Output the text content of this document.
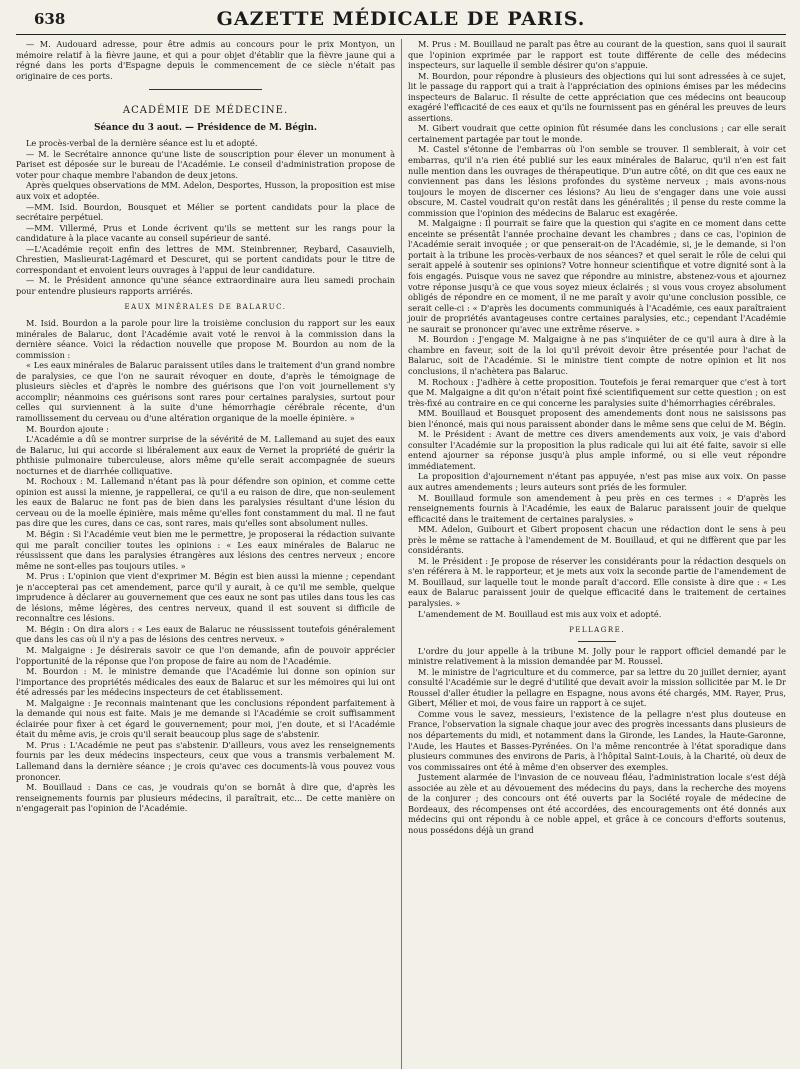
638	GAZETTE MÉDICALE DE PARIS.

— M. Audouard adresse, pour être admis au concours pour le prix Montyon, un mémoire relatif à la fièvre jaune, et qui a pour objet d'établir que la fièvre jaune qui a régné dans les ports d'Espagne depuis le commencement de ce siècle n'était pas originaire de ces ports.

ACADÉMIE DE MÉDECINE.
Séance du 3 aout. — Présidence de M. Bégin.

Le procès-verbal de la dernière séance est lu et adopté.

— M. le Secrétaire annonce qu'une liste de souscription pour élever un monument à Pariset est déposée sur le bureau de l'Académie. Le conseil d'administration propose de voter pour chaque membre l'abandon de deux jetons.

Après quelques observations de MM. Adelon, Desportes, Husson, la proposition est mise aux voix et adoptée.

—MM. Isid. Bourdon, Bousquet et Mélier se portent candidats pour la place de secrétaire perpétuel.

—MM. Villermé, Prus et Londe écrivent qu'ils se mettent sur les rangs pour la candidature à la place vacante au conseil supérieur de santé.

—L'Académie reçoit enfin des lettres de MM. Steinbrenner, Reybard, Casauvielh, Chrestien, Maslieurat-Lagémard et Descuret, qui se portent candidats pour le titre de correspondant et envoient leurs ouvrages à l'appui de leur candidature.

— M. le Président annonce qu'une séance extraordinaire aura lieu samedi prochain pour entendre plusieurs rapports arriérés.

EAUX MINÉRALES DE BALARUC.

M. Isid. Bourdon a la parole pour lire la troisième conclusion du rapport sur les eaux minérales de Balaruc, dont l'Académie avait voté le renvoi à la commission dans la dernière séance. Voici la rédaction nouvelle que propose M. Bourdon au nom de la commission :

« Les eaux minérales de Balaruc paraissent utiles dans le traitement d'un grand nombre de paralysies, ce que l'on ne saurait révoquer en doute, d'après le témoignage de plusieurs siècles et d'après le nombre des guérisons que l'on voit journellement s'y accomplir; néanmoins ces guérisons sont rares pour certaines paralysies, surtout pour celles qui surviennent à la suite d'une hémorrhagie cérébrale récente, d'un ramollissement du cerveau ou d'une altération organique de la moelle épinière. »

M. Bourdon ajoute :

L'Académie a dû se montrer surprise de la sévérité de M. Lallemand au sujet des eaux de Balaruc, lui qui accorde si libéralement aux eaux de Vernet la propriété de guérir la phthisie pulmonaire tuberculeuse, alors même qu'elle serait accompagnée de sueurs nocturnes et de diarrhée colliquative.

M. Rochoux : M. Lallemand n'étant pas là pour défendre son opinion, et comme cette opinion est aussi la mienne, je rappellerai, ce qu'il a eu raison de dire, que non-seulement les eaux de Balaruc ne font pas de bien dans les paralysies résultant d'une lésion du cerveau ou de la moelle épinière, mais même qu'elles font constamment du mal. Il ne faut pas dire que les cures, dans ce cas, sont rares, mais qu'elles sont absolument nulles.

M. Bégin : Si l'Académie veut bien me le permettre, je proposerai la rédaction suivante qui me paraît concilier toutes les opinions : « Les eaux minérales de Balaruc ne réussissent que dans les paralysies étrangères aux lésions des centres nerveux ; encore même ne sont-elles pas toujours utiles. »

M. Prus : L'opinion que vient d'exprimer M. Bégin est bien aussi la mienne ; cependant je n'accepterai pas cet amendement, parce qu'il y aurait, à ce qu'il me semble, quelque imprudence à déclarer au gouvernement que ces eaux ne sont pas utiles dans tous les cas de lésions, même légères, des centres nerveux, quand il est souvent si difficile de reconnaître ces lésions.

M. Bégin : On dira alors : « Les eaux de Balaruc ne réussissent toutefois généralement que dans les cas où il n'y a pas de lésions des centres nerveux. »

M. Malgaigne : Je désirerais savoir ce que l'on demande, afin de pouvoir apprécier l'opportunité de la réponse que l'on propose de faire au nom de l'Académie.

M. Bourdon : M. le ministre demande que l'Académie lui donne son opinion sur l'importance des propriétés médicales des eaux de Balaruc et sur les mémoires qui lui ont été adressés par les médecins inspecteurs de cet établissement.

M. Malgaigne : Je reconnais maintenant que les conclusions répondent parfaitement à la demande qui nous est faite. Mais je me demande si l'Académie se croit suffisamment éclairée pour fixer à cet égard le gouvernement; pour moi, j'en doute, et si l'Académie était du même avis, je crois qu'il serait beaucoup plus sage de s'abstenir.

M. Prus : L'Académie ne peut pas s'abstenir. D'ailleurs, vous avez les renseignements fournis par les deux médecins inspecteurs, ceux que vous a transmis verbalement M. Lallemand dans la dernière séance ; je crois qu'avec ces documents-là vous pouvez vous prononcer.

M. Bouillaud : Dans ce cas, je voudrais qu'on se bornât à dire que, d'après les renseignements fournis par plusieurs médecins, il paraîtrait, etc... De cette manière on n'engagerait pas l'opinion de l'Académie.

M. Prus : M. Bouillaud ne paraît pas être au courant de la question, sans quoi il saurait que l'opinion exprimée par le rapport est toute différente de celle des médecins inspecteurs, sur laquelle il semble désirer qu'on s'appuie.

M. Bourdon, pour répondre à plusieurs des objections qui lui sont adressées à ce sujet, lit le passage du rapport qui a trait à l'appréciation des opinions émises par les médecins inspecteurs de Balaruc. Il résulte de cette appréciation que ces médecins ont beaucoup exagéré l'efficacité de ces eaux et qu'ils ne fournissent pas en général les preuves de leurs assertions.

M. Gibert voudrait que cette opinion fût résumée dans les conclusions ; car elle serait certainement partagée par tout le monde.

M. Castel s'étonne de l'embarras où l'on semble se trouver. Il semblerait, à voir cet embarras, qu'il n'a rien été publié sur les eaux minérales de Balaruc, qu'il n'en est fait nulle mention dans les ouvrages de thérapeutique. D'un autre côté, on dit que ces eaux ne conviennent pas dans les lésions profondes du système nerveux ; mais avons-nous toujours le moyen de discerner ces lésions? Au lieu de s'engager dans une voie aussi obscure, M. Castel voudrait qu'on restât dans les généralités ; il pense du reste comme la commission que l'opinion des médecins de Balaruc est exagérée.

M. Malgaigne : Il pourrait se faire que la question qui s'agite en ce moment dans cette enceinte se présentât l'année prochaine devant les chambres ; dans ce cas, l'opinion de l'Académie serait invoquée ; or que penserait-on de l'Académie, si, je le demande, si l'on portait à la tribune les procès-verbaux de nos séances? et quel serait le rôle de celui qui serait appelé à soutenir ses opinions? Votre honneur scientifique et votre dignité sont à la fois engagés. Puisque vous ne savez que répondre au ministre, abstenez-vous et ajournez votre réponse jusqu'à ce que vous soyez mieux éclairés ; si vous vous croyez absolument obligés de répondre en ce moment, il ne me paraît y avoir qu'une conclusion possible, ce serait celle-ci : « D'après les documents communiqués à l'Académie, ces eaux paraîtraient jouir de propriétés avantageuses contre certaines paralysies, etc.; cependant l'Académie ne saurait se prononcer qu'avec une extrême réserve. »

M. Bourdon : J'engage M. Malgaigne à ne pas s'inquiéter de ce qu'il aura à dire à la chambre en faveur, soit de la loi qu'il prévoit devoir être présentée pour l'achat de Balaruc, soit de l'Académie. Si le ministre tient compte de notre opinion et lit nos conclusions, il n'achètera pas Balaruc.

M. Rochoux : J'adhère à cette proposition. Toutefois je ferai remarquer que c'est à tort que M. Malgaigne a dit qu'on n'était point fixé scientifiquement sur cette question ; on est très-fixé au contraire en ce qui concerne les paralysies suite d'hémorrhagies cérébrales.

MM. Bouillaud et Bousquet proposent des amendements dont nous ne saisissons pas bien l'énoncé, mais qui nous paraissent abonder dans le même sens que celui de M. Bégin.

M. le Président : Avant de mettre ces divers amendements aux voix, je vais d'abord consulter l'Académie sur la proposition la plus radicale qui lui ait été faite, savoir si elle entend ajourner sa réponse jusqu'à plus ample informé, ou si elle veut répondre immédiatement.

La proposition d'ajournement n'étant pas appuyée, n'est pas mise aux voix. On passe aux autres amendements ; leurs auteurs sont priés de les formuler.

M. Bouillaud formule son amendement à peu près en ces termes : « D'après les renseignements fournis à l'Académie, les eaux de Balaruc paraissent jouir de quelque efficacité dans le traitement de certaines paralysies. »

MM. Adelon, Guibourt et Gibert proposent chacun une rédaction dont le sens à peu près le même se rattache à l'amendement de M. Bouillaud, et qui ne diffèrent que par les considérants.

M. le Président : Je propose de réserver les considérants pour la rédaction desquels on s'en référera à M. le rapporteur, et je mets aux voix la seconde partie de l'amendement de M. Bouillaud, sur laquelle tout le monde paraît d'accord. Elle consiste à dire que : « Les eaux de Balaruc paraissent jouir de quelque efficacité dans le traitement de certaines paralysies. »

L'amendement de M. Bouillaud est mis aux voix et adopté.

PELLAGRE.

L'ordre du jour appelle à la tribune M. Jolly pour le rapport officiel demandé par le ministre relativement à la mission demandée par M. Roussel.

M. le ministre de l'agriculture et du commerce, par sa lettre du 20 juillet dernier, ayant consulté l'Académie sur le degré d'utilité que devait avoir la mission sollicitée par M. le Dr Roussel d'aller étudier la pellagre en Espagne, nous avons été chargés, MM. Rayer, Prus, Gibert, Mélier et moi, de vous faire un rapport à ce sujet.

Comme vous le savez, messieurs, l'existence de la pellagre n'est plus douteuse en France, l'observation la signale chaque jour avec des progrès incessants dans plusieurs de nos départements du midi, et notamment dans la Gironde, les Landes, la Haute-Garonne, l'Aude, les Hautes et Basses-Pyrénées. On l'a même rencontrée à l'état sporadique dans plusieurs communes des environs de Paris, à l'hôpital Saint-Louis, à la Charité, où deux de vos commissaires ont été à même d'en observer des exemples.

Justement alarmée de l'invasion de ce nouveau fléau, l'administration locale s'est déjà associée au zèle et au dévouement des médecins du pays, dans la recherche des moyens de la conjurer ; des concours ont été ouverts par la Société royale de médecine de Bordeaux, des récompenses ont été accordées, des encouragements ont été donnés aux médecins qui ont répondu à ce noble appel, et grâce à ce concours d'efforts soutenus, nous possédons déjà un grand
